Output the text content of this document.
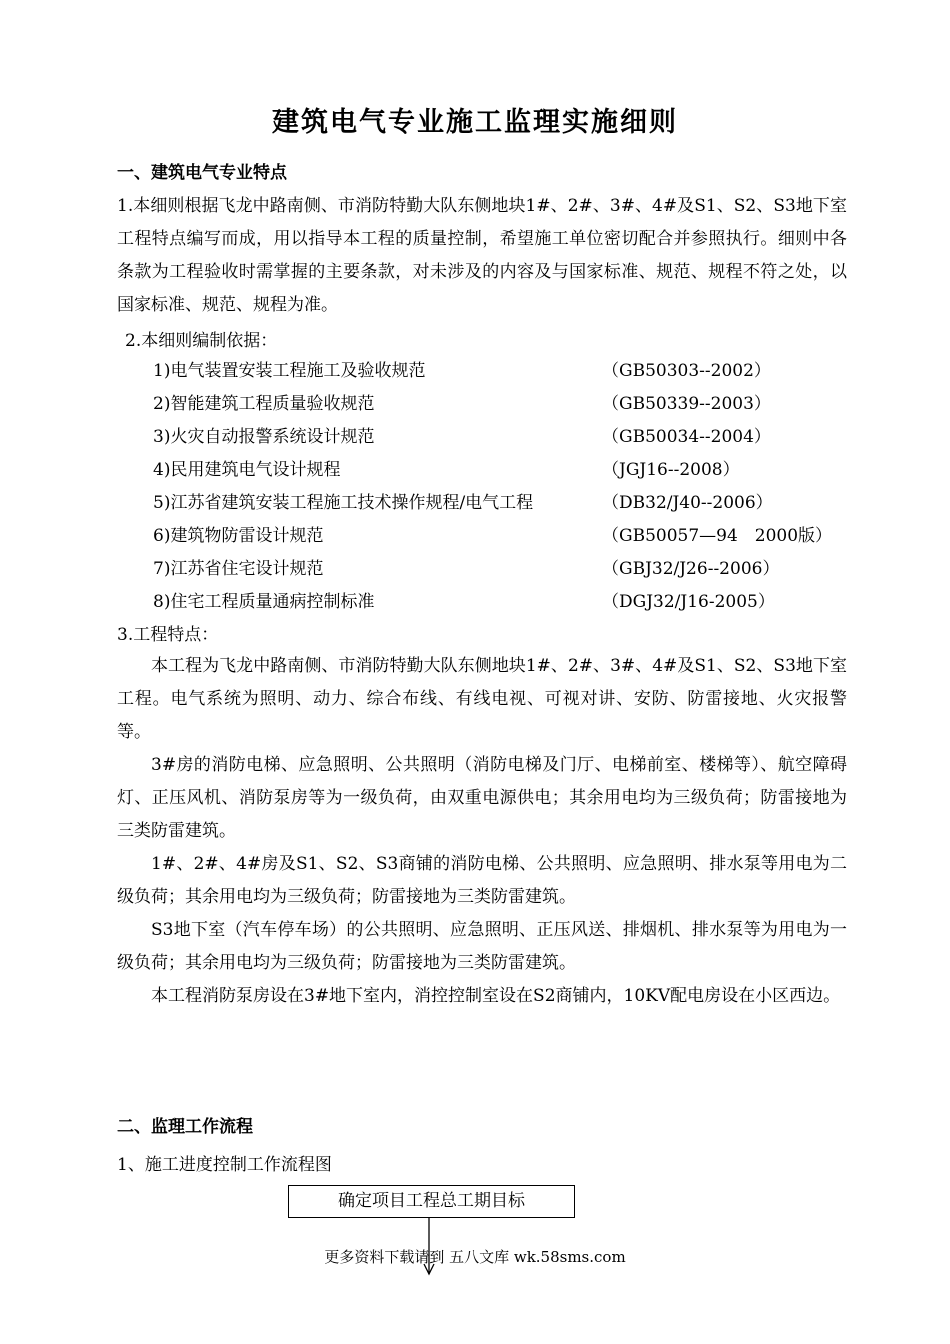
建筑电气专业施工监理实施细则
一、建筑电气专业特点

1.本细则根据飞龙中路南侧、市消防特勤大队东侧地块1#、2#、3#、4#及S1、S2、S3地下室工程特点编写而成，用以指导本工程的质量控制，希望施工单位密切配合并参照执行。细则中各条款为工程验收时需掌握的主要条款，对未涉及的内容及与国家标准、规范、规程不符之处，以国家标准、规范、规程为准。

2.本细则编制依据：

1)电气装置安装工程施工及验收规范	（GB50303--2002）
2)智能建筑工程质量验收规范	（GB50339--2003）
3)火灾自动报警系统设计规范	（GB50034--2004）
4)民用建筑电气设计规程	（JGJ16--2008）
5)江苏省建筑安装工程施工技术操作规程/电气工程	（DB32/J40--2006）
6)建筑物防雷设计规范	（GB50057—94　2000版）
7)江苏省住宅设计规范	（GBJ32/J26--2006）
8)住宅工程质量通病控制标准	（DGJ32/J16-2005）

3.工程特点：

本工程为飞龙中路南侧、市消防特勤大队东侧地块1#、2#、3#、4#及S1、S2、S3地下室工程。电气系统为照明、动力、综合布线、有线电视、可视对讲、安防、防雷接地、火灾报警等。

3#房的消防电梯、应急照明、公共照明（消防电梯及门厅、电梯前室、楼梯等）、航空障碍灯、正压风机、消防泵房等为一级负荷，由双重电源供电；其余用电均为三级负荷；防雷接地为三类防雷建筑。

1#、2#、4#房及S1、S2、S3商铺的消防电梯、公共照明、应急照明、排水泵等用电为二级负荷；其余用电均为三级负荷；防雷接地为三类防雷建筑。

S3地下室（汽车停车场）的公共照明、应急照明、正压风送、排烟机、排水泵等为用电为一级负荷；其余用电均为三级负荷；防雷接地为三类防雷建筑。

本工程消防泵房设在3#地下室内，消控控制室设在S2商铺内，10KV配电房设在小区西边。

二、监理工作流程

1、施工进度控制工作流程图

确定项目工程总工期目标
更多资料下载请到 五八文库 wk.58sms.com
